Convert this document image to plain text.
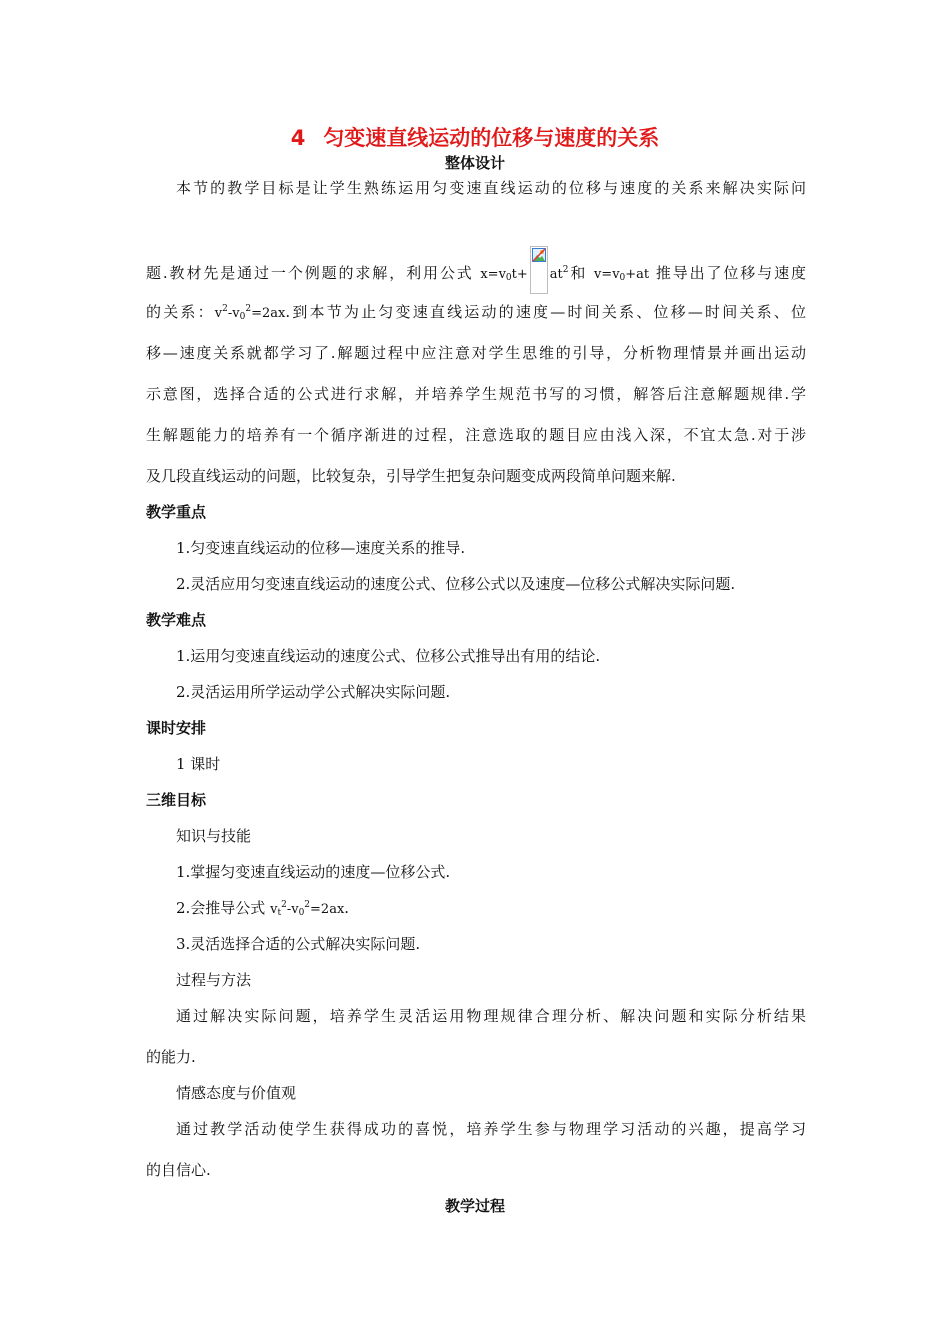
4 匀变速直线运动的位移与速度的关系
整体设计
本节的教学目标是让学生熟练运用匀变速直线运动的位移与速度的关系来解决实际问
题.教材先是通过一个例题的求解，利用公式 $x=v_0t+ at^2$和 $v=v_0+at$ 推导出了位移与速度
的关系：$v^2-v_0^2=2ax$.到本节为止匀变速直线运动的速度—时间关系、位移—时间关系、位
移—速度关系就都学习了.解题过程中应注意对学生思维的引导，分析物理情景并画出运动
示意图，选择合适的公式进行求解，并培养学生规范书写的习惯，解答后注意解题规律.学
生解题能力的培养有一个循序渐进的过程，注意选取的题目应由浅入深，不宜太急.对于涉
及几段直线运动的问题，比较复杂，引导学生把复杂问题变成两段简单问题来解.
教学重点
1.匀变速直线运动的位移—速度关系的推导.
2.灵活应用匀变速直线运动的速度公式、位移公式以及速度—位移公式解决实际问题.
教学难点
1.运用匀变速直线运动的速度公式、位移公式推导出有用的结论.
2.灵活运用所学运动学公式解决实际问题.
课时安排
1 课时
三维目标
知识与技能
1.掌握匀变速直线运动的速度—位移公式.
2.会推导公式 $v_t^2-v_0^2=2ax$.
3.灵活选择合适的公式解决实际问题.
过程与方法
通过解决实际问题，培养学生灵活运用物理规律合理分析、解决问题和实际分析结果
的能力.
情感态度与价值观
通过教学活动使学生获得成功的喜悦，培养学生参与物理学习活动的兴趣，提高学习
的自信心.
教学过程
